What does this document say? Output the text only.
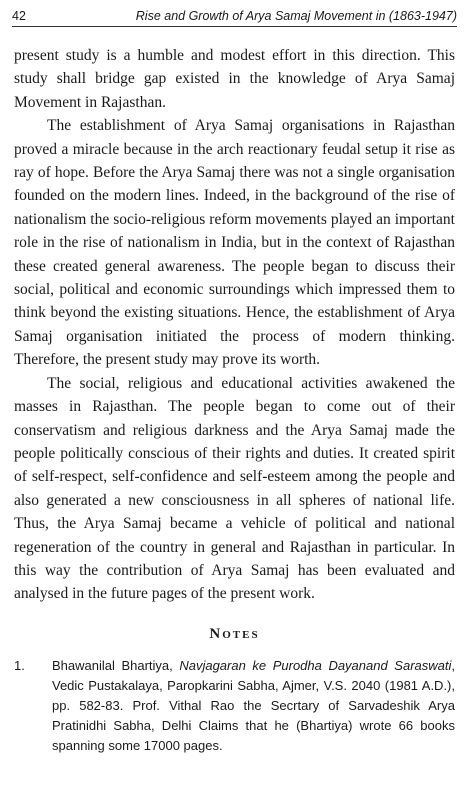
42	Rise and Growth of Arya Samaj Movement in (1863-1947)

present study is a humble and modest effort in this direction. This study shall bridge gap existed in the knowledge of Arya Samaj Movement in Rajasthan.

The establishment of Arya Samaj organisations in Rajasthan proved a miracle because in the arch reactionary feudal setup it rise as ray of hope. Before the Arya Samaj there was not a single organisation founded on the modern lines. Indeed, in the background of the rise of nationalism the socio-religious reform movements played an important role in the rise of nationalism in India, but in the context of Rajasthan these created general awareness. The people began to discuss their social, political and economic surroundings which impressed them to think beyond the existing situations. Hence, the establishment of Arya Samaj organisation initiated the process of modern thinking. Therefore, the present study may prove its worth.

The social, religious and educational activities awakened the masses in Rajasthan. The people began to come out of their conservatism and religious darkness and the Arya Samaj made the people politically conscious of their rights and duties. It created spirit of self-respect, self-confidence and self-esteem among the people and also generated a new consciousness in all spheres of national life. Thus, the Arya Samaj became a vehicle of political and national regeneration of the country in general and Rajasthan in particular. In this way the contribution of Arya Samaj has been evaluated and analysed in the future pages of the present work.

Notes
1. Bhawanilal Bhartiya, Navjagaran ke Purodha Dayanand Saraswati, Vedic Pustakalaya, Paropkarini Sabha, Ajmer, V.S. 2040 (1981 A.D.), pp. 582-83. Prof. Vithal Rao the Secrtary of Sarvadeshik Arya Pratinidhi Sabha, Delhi Claims that he (Bhartiya) wrote 66 books spanning some 17000 pages.
